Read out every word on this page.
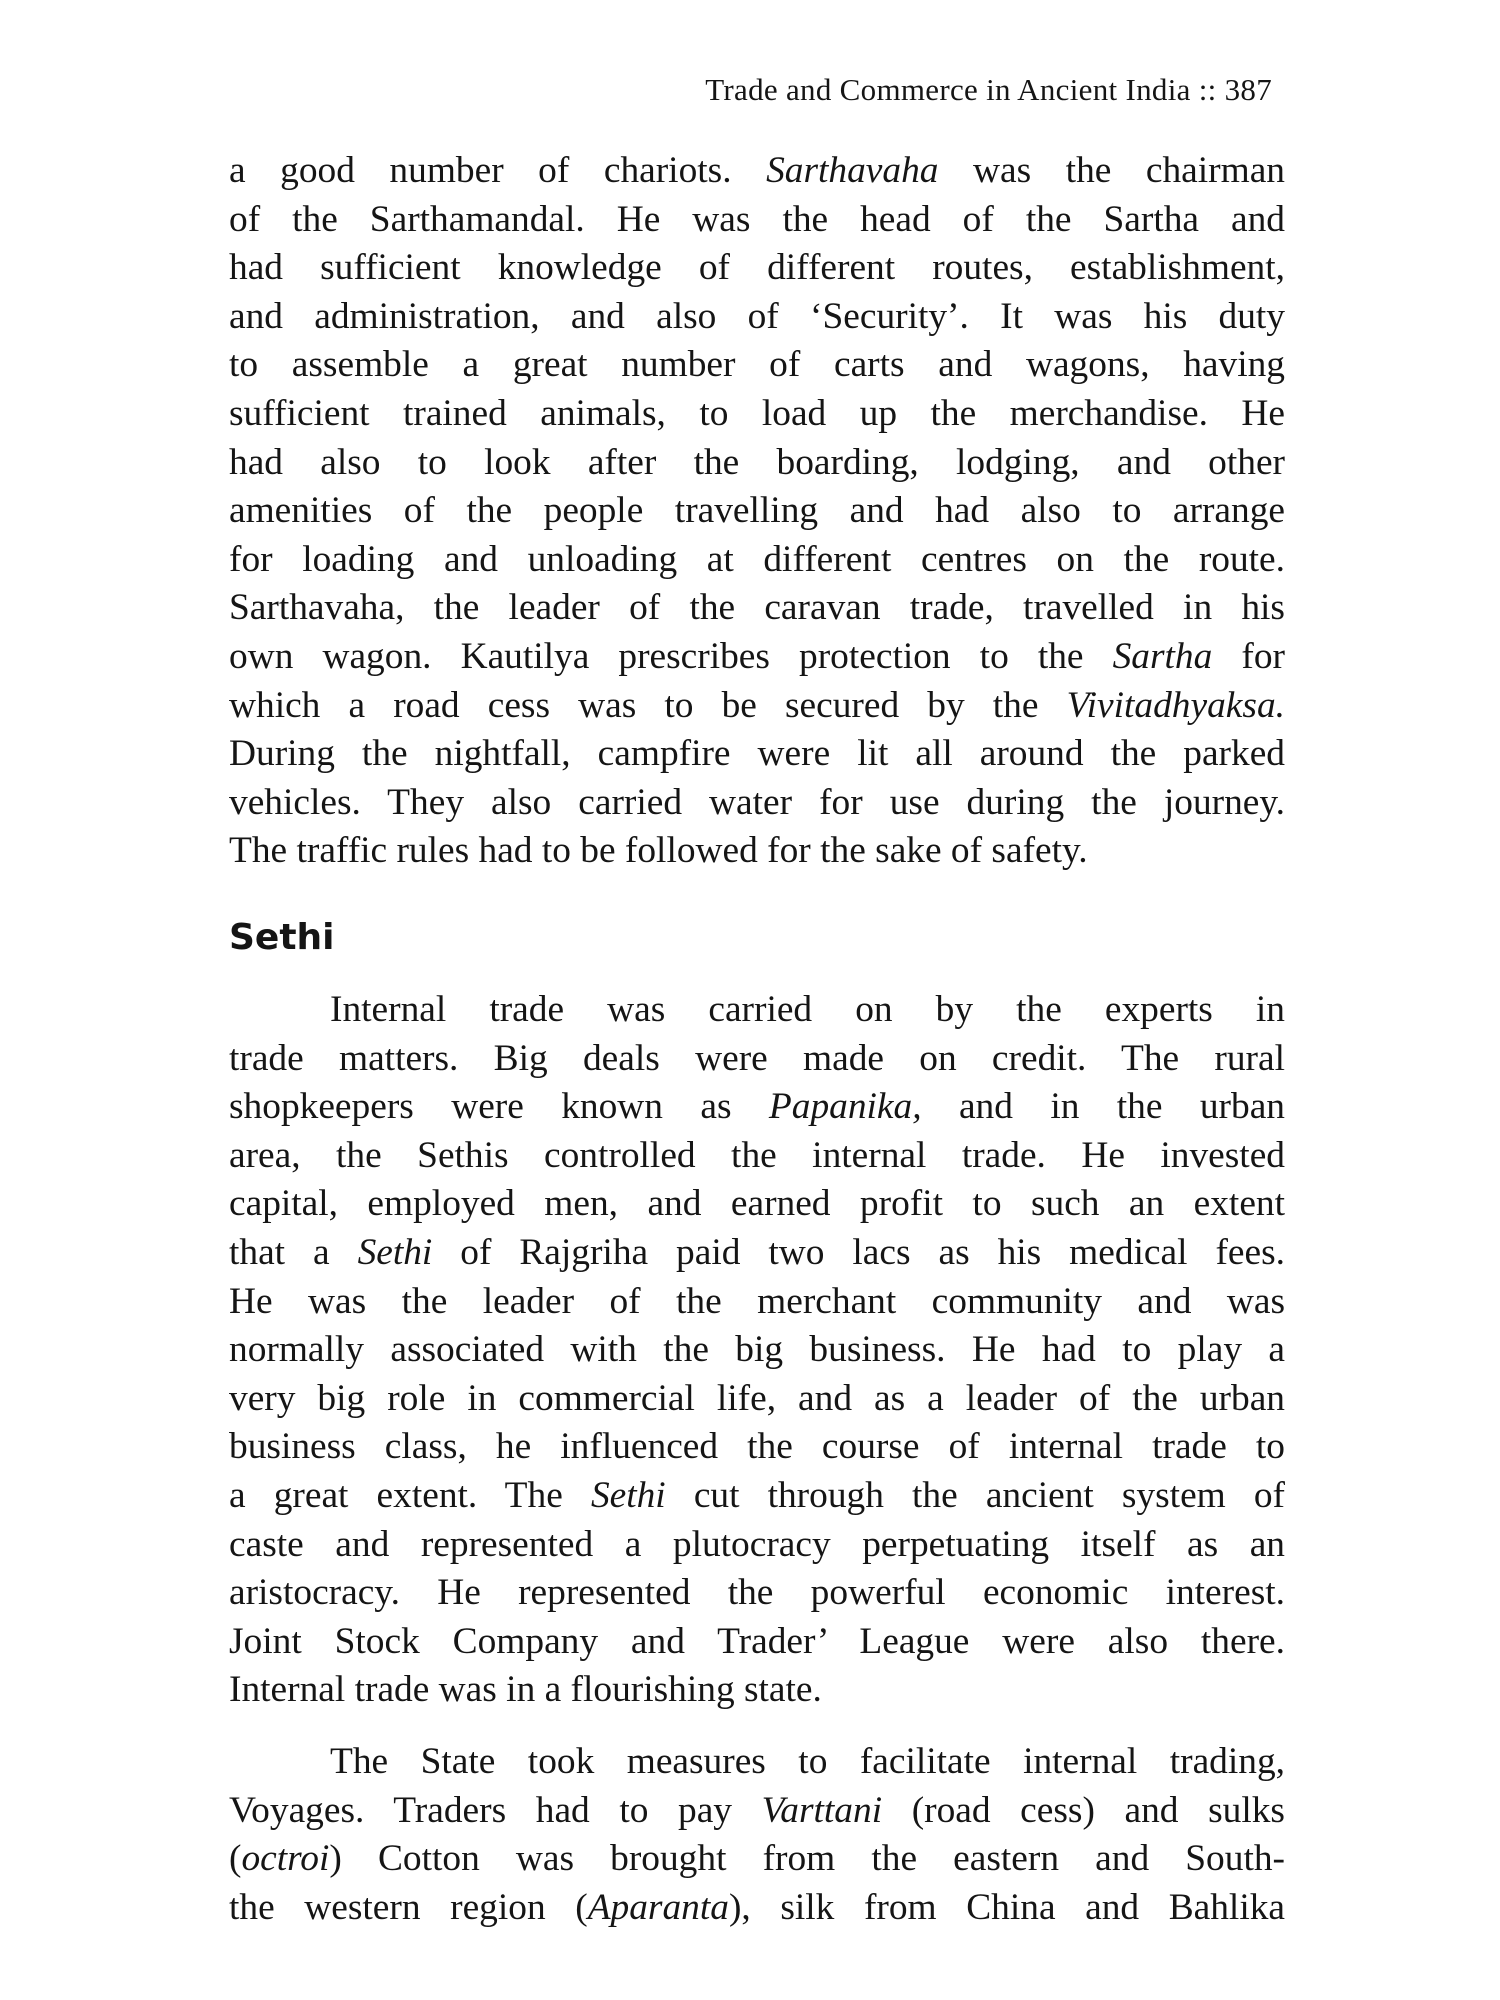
Trade and Commerce in Ancient India :: 387
a good number of chariots. Sarthavaha was the chairman
of the Sarthamandal. He was the head of the Sartha and
had sufficient knowledge of different routes, establishment,
and administration, and also of ‘Security’. It was his duty
to assemble a great number of carts and wagons, having
sufficient trained animals, to load up the merchandise. He
had also to look after the boarding, lodging, and other
amenities of the people travelling and had also to arrange
for loading and unloading at different centres on the route.
Sarthavaha, the leader of the caravan trade, travelled in his
own wagon. Kautilya prescribes protection to the Sartha for
which a road cess was to be secured by the Vivitadhyaksa.
During the nightfall, campfire were lit all around the parked
vehicles. They also carried water for use during the journey.
The traffic rules had to be followed for the sake of safety.
Sethi
Internal trade was carried on by the experts in
trade matters. Big deals were made on credit. The rural
shopkeepers were known as Papanika, and in the urban
area, the Sethis controlled the internal trade. He invested
capital, employed men, and earned profit to such an extent
that a Sethi of Rajgriha paid two lacs as his medical fees.
He was the leader of the merchant community and was
normally associated with the big business. He had to play a
very big role in commercial life, and as a leader of the urban
business class, he influenced the course of internal trade to
a great extent. The Sethi cut through the ancient system of
caste and represented a plutocracy perpetuating itself as an
aristocracy. He represented the powerful economic interest.
Joint Stock Company and Trader’ League were also there.
Internal trade was in a flourishing state.
The State took measures to facilitate internal trading,
Voyages. Traders had to pay Varttani (road cess) and sulks
(octroi) Cotton was brought from the eastern and South-
the western region (Aparanta), silk from China and Bahlika
